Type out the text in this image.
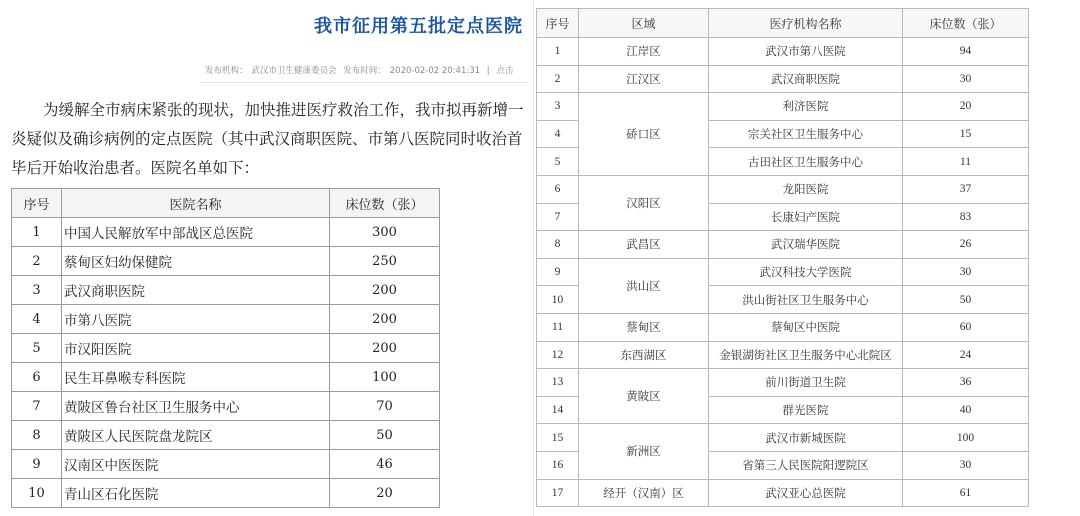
我市征用第五批定点医院
发布机构： 武汉市卫生健康委员会 发布时间： 2020-02-02 20:41:31 | 点击
为缓解全市病床紧张的现状，加快推进医疗救治工作，我市拟再新增一
炎疑似及确诊病例的定点医院（其中武汉商职医院、市第八医院同时收治首
毕后开始收治患者。医院名单如下：
序号	医院名称	床位数（张）
1	中国人民解放军中部战区总医院	300
2	蔡甸区妇幼保健院	250
3	武汉商职医院	200
4	市第八医院	200
5	市汉阳医院	200
6	民生耳鼻喉专科医院	100
7	黄陂区鲁台社区卫生服务中心	70
8	黄陂区人民医院盘龙院区	50
9	汉南区中医医院	46
10	青山区石化医院	20
序号	区域	医疗机构名称	床位数（张）
1	江岸区	武汉市第八医院	94
2	江汉区	武汉商职医院	30
3	硚口区	利济医院	20
4		宗关社区卫生服务中心	15
5		古田社区卫生服务中心	11
6	汉阳区	龙阳医院	37
7		长康妇产医院	83
8	武昌区	武汉瑞华医院	26
9	洪山区	武汉科技大学医院	30
10		洪山街社区卫生服务中心	50
11	蔡甸区	蔡甸区中医院	60
12	东西湖区	金银湖街社区卫生服务中心北院区	24
13	黄陂区	前川街道卫生院	36
14		群光医院	40
15	新洲区	武汉市新城医院	100
16		省第三人民医院阳逻院区	30
17	经开（汉南）区	武汉亚心总医院	61
